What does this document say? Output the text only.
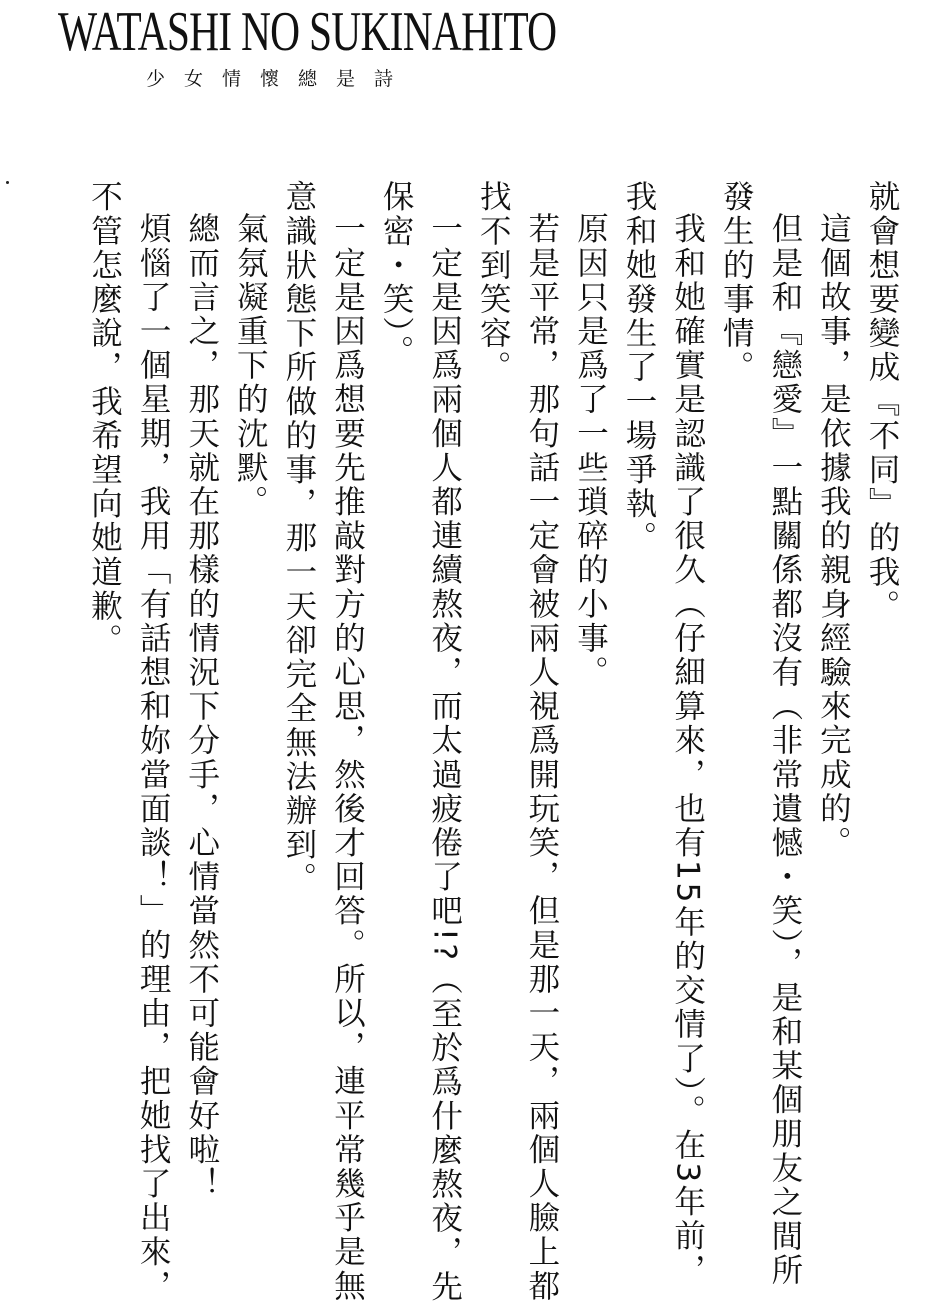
WATASHI NO SUKINAHITO
少女情懷總是詩

就會想要變成『不同』的我。

這個故事，是依據我的親身經驗來完成的。

但是和『戀愛』一點關係都沒有（非常遺憾・笑），是和某個朋友之間所發生的事情。

我和她確實是認識了很久（仔細算來，也有15年的交情了）。在3年前，我和她發生了一場爭執。

原因只是爲了一些瑣碎的小事。

若是平常，那句話一定會被兩人視爲開玩笑，但是那一天，兩個人臉上都找不到笑容。

一定是因爲兩個人都連續熬夜，而太過疲倦了吧!?（至於爲什麼熬夜，先保密・笑）。

一定是因爲想要先推敲對方的心思，然後才回答。所以，連平常幾乎是無意識狀態下所做的事，那一天卻完全無法辦到。

氣氛凝重下的沈默。

總而言之，那天就在那樣的情況下分手，心情當然不可能會好啦！

煩惱了一個星期，我用「有話想和妳當面談！」的理由，把她找了出來，不管怎麼說，我希望向她道歉。
